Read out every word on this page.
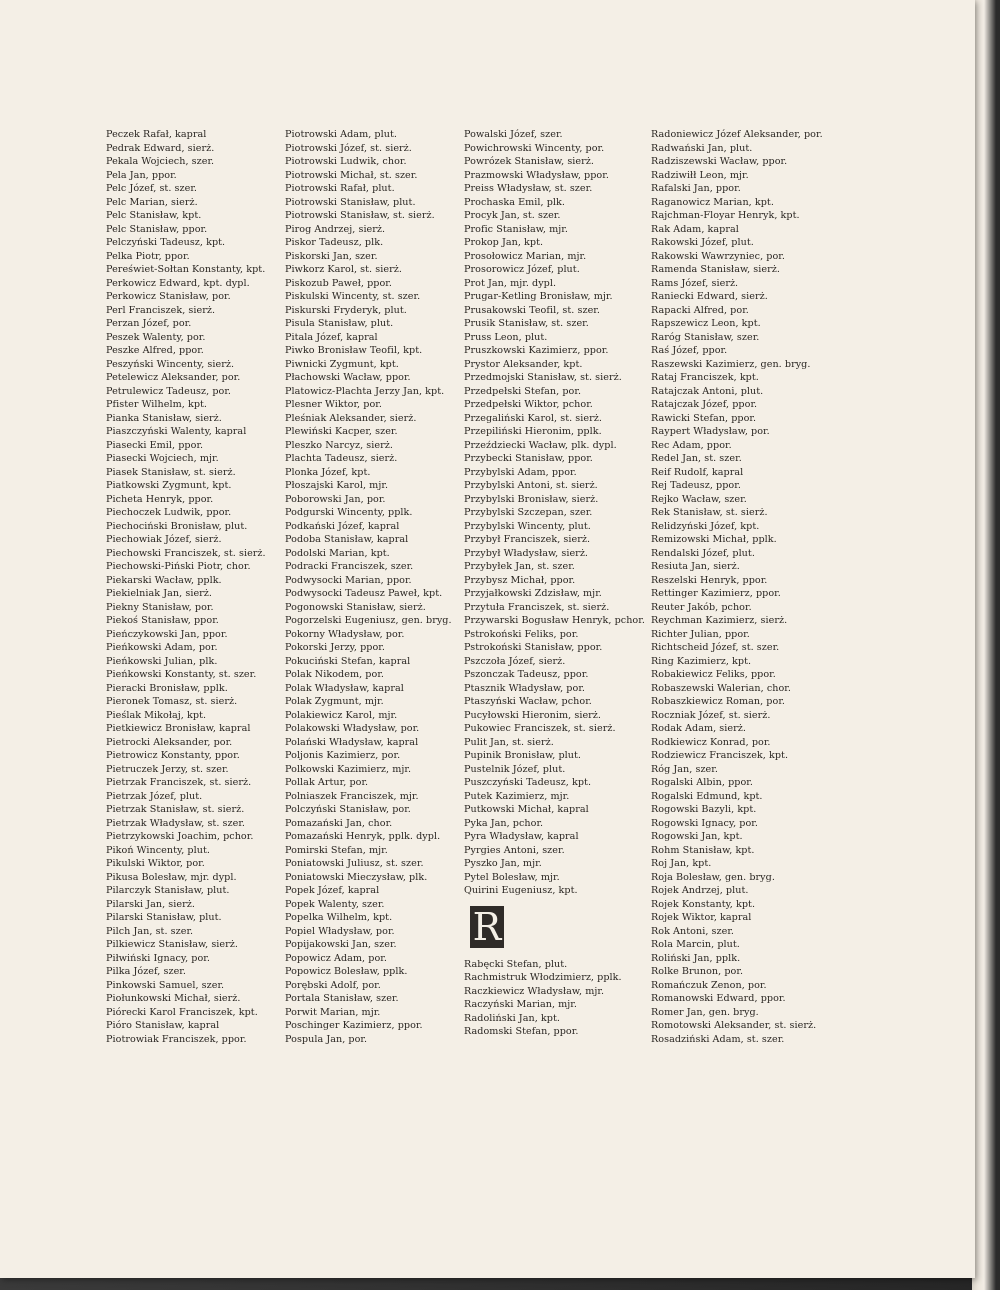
Peczek Rafał, kapral
Pedrak Edward, sierż.
Pekala Wojciech, szer.
Pela Jan, ppor.
Pelc Józef, st. szer.
Pelc Marian, sierż.
Pelc Stanisław, kpt.
Pelc Stanisław, ppor.
Pelczyński Tadeusz, kpt.
Pelka Piotr, ppor.
Pereświet-Sołtan Konstanty, kpt.
Perkowicz Edward, kpt. dypl.
Perkowicz Stanisław, por.
Perl Franciszek, sierż.
Perzan Józef, por.
Peszek Walenty, por.
Peszke Alfred, ppor.
Peszyński Wincenty, sierż.
Petelewicz Aleksander, por.
Petrulewicz Tadeusz, por.
Pfister Wilhelm, kpt.
Pianka Stanisław, sierż.
Piaszczyński Walenty, kapral
Piasecki Emil, ppor.
Piasecki Wojciech, mjr.
Piasek Stanisław, st. sierż.
Piatkowski Zygmunt, kpt.
Picheta Henryk, ppor.
Piechoczek Ludwik, ppor.
Piechociński Bronisław, plut.
Piechowiak Józef, sierż.
Piechowski Franciszek, st. sierż.
Piechowski-Piński Piotr, chor.
Piekarski Wacław, pplk.
Piekielniak Jan, sierż.
Piekny Stanisław, por.
Piekoś Stanisław, ppor.
Pieńczykowski Jan, ppor.
Pieńkowski Adam, por.
Pieńkowski Julian, plk.
Pieńkowski Konstanty, st. szer.
Pieracki Bronisław, pplk.
Pieronek Tomasz, st. sierż.
Pieślak Mikołaj, kpt.
Pietkiewicz Bronisław, kapral
Pietrocki Aleksander, por.
Pietrowicz Konstanty, ppor.
Pietruczek Jerzy, st. szer.
Pietrzak Franciszek, st. sierż.
Pietrzak Józef, plut.
Pietrzak Stanisław, st. sierż.
Pietrzak Władysław, st. szer.
Pietrzykowski Joachim, pchor.
Pikoń Wincenty, plut.
Pikulski Wiktor, por.
Pikusa Bolesław, mjr. dypl.
Pilarczyk Stanisław, plut.
Pilarski Jan, sierż.
Pilarski Stanisław, plut.
Pilch Jan, st. szer.
Pilkiewicz Stanisław, sierż.
Piłwiński Ignacy, por.
Pilka Józef, szer.
Pinkowski Samuel, szer.
Piołunkowski Michał, sierż.
Piórecki Karol Franciszek, kpt.
Pióro Stanisław, kapral
Piotrowiak Franciszek, ppor.
Piotrowski Adam, plut.
Piotrowski Józef, st. sierż.
Piotrowski Ludwik, chor.
Piotrowski Michał, st. szer.
Piotrowski Rafał, plut.
Piotrowski Stanisław, plut.
Piotrowski Stanisław, st. sierż.
Pirog Andrzej, sierż.
Piskor Tadeusz, plk.
Piskorski Jan, szer.
Piwkorz Karol, st. sierż.
Piskozub Paweł, ppor.
Piskulski Wincenty, st. szer.
Piskurski Fryderyk, plut.
Pisula Stanisław, plut.
Pitala Józef, kapral
Piwko Bronisław Teofil, kpt.
Piwnicki Zygmunt, kpt.
Płachowski Wacław, ppor.
Platowicz-Plachta Jerzy Jan, kpt.
Plesner Wiktor, por.
Pleśniak Aleksander, sierż.
Plewiński Kacper, szer.
Pleszko Narcyz, sierż.
Plachta Tadeusz, sierż.
Plonka Józef, kpt.
Płoszajski Karol, mjr.
Poborowski Jan, por.
Podgurski Wincenty, pplk.
Podkański Józef, kapral
Podoba Stanisław, kapral
Podolski Marian, kpt.
Podracki Franciszek, szer.
Podwysocki Marian, ppor.
Podwysocki Tadeusz Paweł, kpt.
Pogonowski Stanisław, sierż.
Pogorzelski Eugeniusz, gen. bryg.
Pokorny Władysław, por.
Pokorski Jerzy, ppor.
Pokuciński Stefan, kapral
Polak Nikodem, por.
Polak Władysław, kapral
Polak Zygmunt, mjr.
Polakiewicz Karol, mjr.
Polakowski Władysław, por.
Polański Władysław, kapral
Poljonis Kazimierz, por.
Polkowski Kazimierz, mjr.
Pollak Artur, por.
Polniaszek Franciszek, mjr.
Polczyński Stanisław, por.
Pomazański Jan, chor.
Pomazański Henryk, pplk. dypl.
Pomirski Stefan, mjr.
Poniatowski Juliusz, st. szer.
Poniatowski Mieczysław, plk.
Popek Józef, kapral
Popek Walenty, szer.
Popelka Wilhelm, kpt.
Popiel Władysław, por.
Popijakowski Jan, szer.
Popowicz Adam, por.
Popowicz Bolesław, pplk.
Porębski Adolf, por.
Portala Stanisław, szer.
Porwit Marian, mjr.
Poschinger Kazimierz, ppor.
Pospula Jan, por.
Powalski Józef, szer.
Powichrowski Wincenty, por.
Powrózek Stanisław, sierż.
Prazmowski Władysław, ppor.
Preiss Władysław, st. szer.
Prochaska Emil, plk.
Procyk Jan, st. szer.
Profic Stanisław, mjr.
Prokop Jan, kpt.
Prosołowicz Marian, mjr.
Prosorowicz Józef, plut.
Prot Jan, mjr. dypl.
Prugar-Ketling Bronisław, mjr.
Prusakowski Teofil, st. szer.
Prusik Stanisław, st. szer.
Pruss Leon, plut.
Pruszkowski Kazimierz, ppor.
Prystor Aleksander, kpt.
Przedmojski Stanisław, st. sierż.
Przedpełski Stefan, por.
Przedpełski Wiktor, pchor.
Przegaliński Karol, st. sierż.
Przepiliński Hieronim, pplk.
Przeździecki Wacław, plk. dypl.
Przybecki Stanisław, ppor.
Przybylski Adam, ppor.
Przybylski Antoni, st. sierż.
Przybylski Bronisław, sierż.
Przybylski Szczepan, szer.
Przybylski Wincenty, plut.
Przybył Franciszek, sierż.
Przybył Władysław, sierż.
Przybyłek Jan, st. szer.
Przybysz Michał, ppor.
Przyjałkowski Zdzisław, mjr.
Przytuła Franciszek, st. sierż.
Przywarski Bogusław Henryk, pchor.
Pstrokoński Feliks, por.
Pstrokoński Stanisław, ppor.
Pszczoła Józef, sierż.
Pszonczak Tadeusz, ppor.
Ptasznik Władysław, por.
Ptaszyński Wacław, pchor.
Pucyłowski Hieronim, sierż.
Pukowiec Franciszek, st. sierż.
Pulit Jan, st. sierż.
Pupinik Bronisław, plut.
Pustelnik Józef, plut.
Puszczyński Tadeusz, kpt.
Putek Kazimierz, mjr.
Putkowski Michał, kapral
Pyka Jan, pchor.
Pyra Władysław, kapral
Pyrgies Antoni, szer.
Pyszko Jan, mjr.
Pytel Bolesław, mjr.
Quirini Eugeniusz, kpt.
R
Rabęcki Stefan, plut.
Rachmistruk Włodzimierz, pplk.
Raczkiewicz Władysław, mjr.
Raczyński Marian, mjr.
Radoliński Jan, kpt.
Radomski Stefan, ppor.
Radoniewicz Józef Aleksander, por.
Radwański Jan, plut.
Radziszewski Wacław, ppor.
Radziwiłł Leon, mjr.
Rafalski Jan, ppor.
Raganowicz Marian, kpt.
Rajchman-Floyar Henryk, kpt.
Rak Adam, kapral
Rakowski Józef, plut.
Rakowski Wawrzyniec, por.
Ramenda Stanisław, sierż.
Rams Józef, sierż.
Raniecki Edward, sierż.
Rapacki Alfred, por.
Rapszewicz Leon, kpt.
Raróg Stanisław, szer.
Raś Józef, ppor.
Raszewski Kazimierz, gen. bryg.
Rataj Franciszek, kpt.
Ratajczak Antoni, plut.
Ratajczak Józef, ppor.
Rawicki Stefan, ppor.
Raypert Władysław, por.
Rec Adam, ppor.
Redel Jan, st. szer.
Reif Rudolf, kapral
Rej Tadeusz, ppor.
Rejko Wacław, szer.
Rek Stanisław, st. sierż.
Relidzyński Józef, kpt.
Remizowski Michał, pplk.
Rendalski Józef, plut.
Resiuta Jan, sierż.
Reszelski Henryk, ppor.
Rettinger Kazimierz, ppor.
Reuter Jakób, pchor.
Reychman Kazimierz, sierż.
Richter Julian, ppor.
Richtscheid Józef, st. szer.
Ring Kazimierz, kpt.
Robakiewicz Feliks, ppor.
Robaszewski Walerian, chor.
Robaszkiewicz Roman, por.
Roczniak Józef, st. sierż.
Rodak Adam, sierż.
Rodkiewicz Konrad, por.
Rodziewicz Franciszek, kpt.
Róg Jan, szer.
Rogalski Albin, ppor.
Rogalski Edmund, kpt.
Rogowski Bazyli, kpt.
Rogowski Ignacy, por.
Rogowski Jan, kpt.
Rohm Stanisław, kpt.
Roj Jan, kpt.
Roja Bolesław, gen. bryg.
Rojek Andrzej, plut.
Rojek Konstanty, kpt.
Rojek Wiktor, kapral
Rok Antoni, szer.
Rola Marcin, plut.
Roliński Jan, pplk.
Rolke Brunon, por.
Romańczuk Zenon, por.
Romanowski Edward, ppor.
Romer Jan, gen. bryg.
Romotowski Aleksander, st. sierż.
Rosadziński Adam, st. szer.
